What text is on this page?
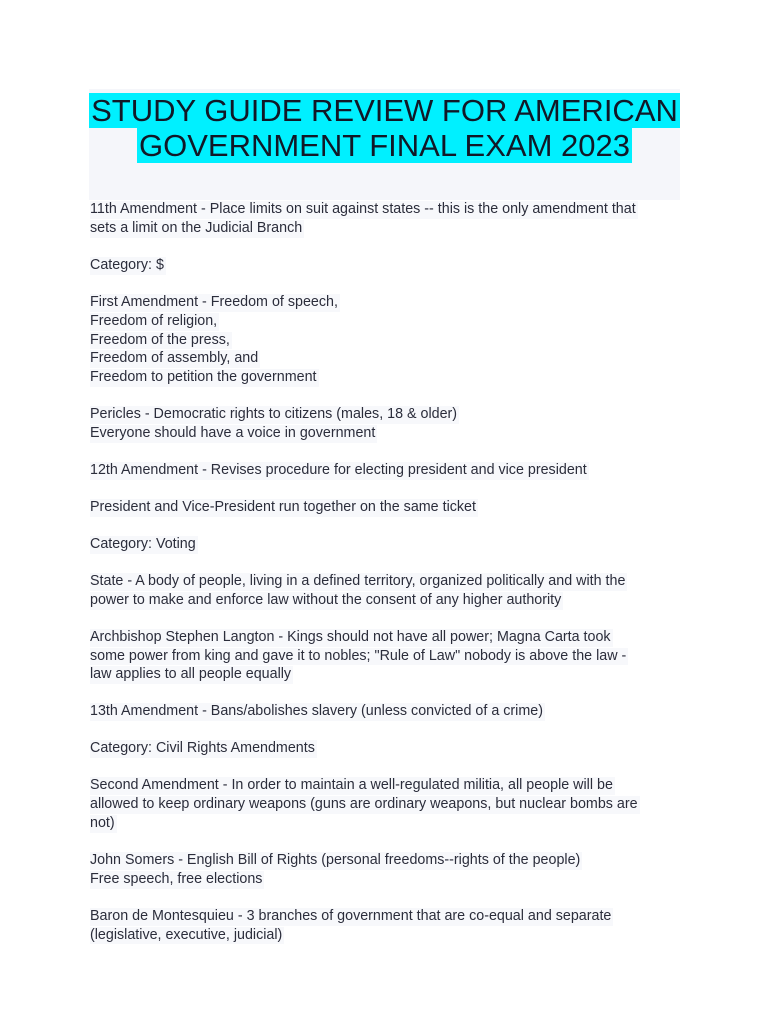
STUDY GUIDE REVIEW FOR AMERICAN
GOVERNMENT FINAL EXAM 2023
11th Amendment - Place limits on suit against states -- this is the only amendment that
sets a limit on the Judicial Branch
Category: $
First Amendment - Freedom of speech,
Freedom of religion,
Freedom of the press,
Freedom of assembly, and
Freedom to petition the government
Pericles - Democratic rights to citizens (males, 18 & older)
Everyone should have a voice in government
12th Amendment - Revises procedure for electing president and vice president
President and Vice-President run together on the same ticket
Category: Voting
State - A body of people, living in a defined territory, organized politically and with the
power to make and enforce law without the consent of any higher authority
Archbishop Stephen Langton - Kings should not have all power; Magna Carta took
some power from king and gave it to nobles; "Rule of Law" nobody is above the law -
law applies to all people equally
13th Amendment - Bans/abolishes slavery (unless convicted of a crime)
Category: Civil Rights Amendments
Second Amendment - In order to maintain a well-regulated militia, all people will be
allowed to keep ordinary weapons (guns are ordinary weapons, but nuclear bombs are
not)
John Somers - English Bill of Rights (personal freedoms--rights of the people)
Free speech, free elections
Baron de Montesquieu - 3 branches of government that are co-equal and separate
(legislative, executive, judicial)
